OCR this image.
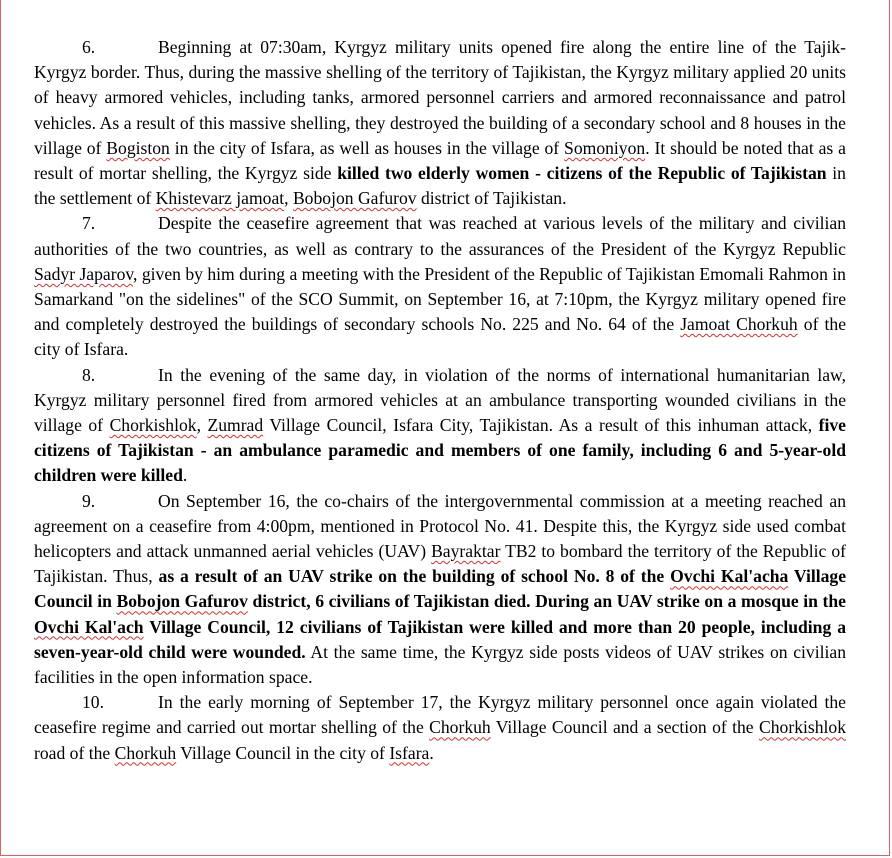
6.	Beginning at 07:30am, Kyrgyz military units opened fire along the entire line of the Tajik-Kyrgyz border. Thus, during the massive shelling of the territory of Tajikistan, the Kyrgyz military applied 20 units of heavy armored vehicles, including tanks, armored personnel carriers and armored reconnaissance and patrol vehicles. As a result of this massive shelling, they destroyed the building of a secondary school and 8 houses in the village of Bogiston in the city of Isfara, as well as houses in the village of Somoniyon. It should be noted that as a result of mortar shelling, the Kyrgyz side killed two elderly women - citizens of the Republic of Tajikistan in the settlement of Khistevarz jamoat, Bobojon Gafurov district of Tajikistan.

7.	Despite the ceasefire agreement that was reached at various levels of the military and civilian authorities of the two countries, as well as contrary to the assurances of the President of the Kyrgyz Republic Sadyr Japarov, given by him during a meeting with the President of the Republic of Tajikistan Emomali Rahmon in Samarkand "on the sidelines" of the SCO Summit, on September 16, at 7:10pm, the Kyrgyz military opened fire and completely destroyed the buildings of secondary schools No. 225 and No. 64 of the Jamoat Chorkuh of the city of Isfara.

8.	In the evening of the same day, in violation of the norms of international humanitarian law, Kyrgyz military personnel fired from armored vehicles at an ambulance transporting wounded civilians in the village of Chorkishlok, Zumrad Village Council, Isfara City, Tajikistan. As a result of this inhuman attack, five citizens of Tajikistan - an ambulance paramedic and members of one family, including 6 and 5-year-old children were killed.

9.	On September 16, the co-chairs of the intergovernmental commission at a meeting reached an agreement on a ceasefire from 4:00pm, mentioned in Protocol No. 41. Despite this, the Kyrgyz side used combat helicopters and attack unmanned aerial vehicles (UAV) Bayraktar TB2 to bombard the territory of the Republic of Tajikistan. Thus, as a result of an UAV strike on the building of school No. 8 of the Ovchi Kal'acha Village Council in Bobojon Gafurov district, 6 civilians of Tajikistan died. During an UAV strike on a mosque in the Ovchi Kal'ach Village Council, 12 civilians of Tajikistan were killed and more than 20 people, including a seven-year-old child were wounded. At the same time, the Kyrgyz side posts videos of UAV strikes on civilian facilities in the open information space.

10.	In the early morning of September 17, the Kyrgyz military personnel once again violated the ceasefire regime and carried out mortar shelling of the Chorkuh Village Council and a section of the Chorkishlok road of the Chorkuh Village Council in the city of Isfara.
